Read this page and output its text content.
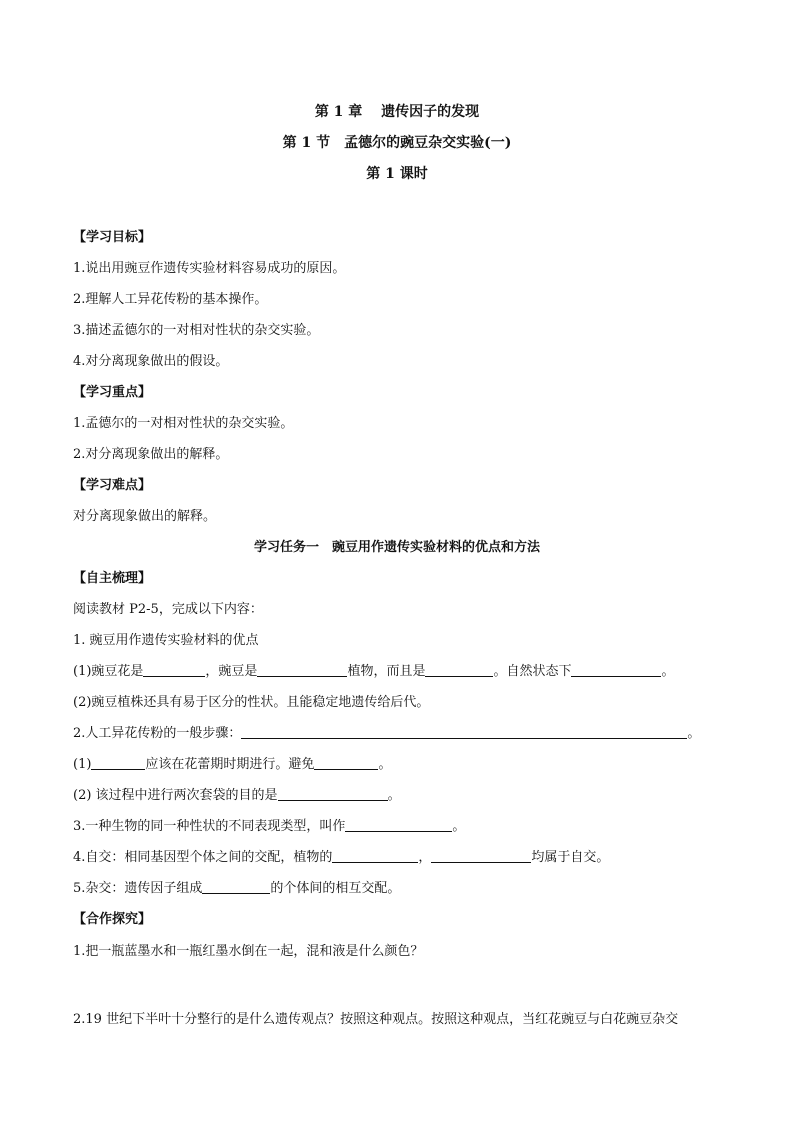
第 1 章　 遗传因子的发现
第 1 节　孟德尔的豌豆杂交实验(一)
第 1 课时
【学习目标】
1.说出用豌豆作遗传实验材料容易成功的原因。
2.理解人工异花传粉的基本操作。
3.描述孟德尔的一对相对性状的杂交实验。
4.对分离现象做出的假设。
【学习重点】
1.孟德尔的一对相对性状的杂交实验。
2.对分离现象做出的解释。
【学习难点】
对分离现象做出的解释。
学习任务一　豌豆用作遗传实验材料的优点和方法
【自主梳理】
阅读教材 P2-5，完成以下内容：
1. 豌豆用作遗传实验材料的优点
(1)豌豆花是	，豌豆是	植物，而且是	。自然状态下	。
(2)豌豆植株还具有易于区分的性状。且能稳定地遗传给后代。
2.人工异花传粉的一般步骤：	。
(1)	应该在花蕾期时期进行。避免	。
(2) 该过程中进行两次套袋的目的是	。
3.一种生物的同一种性状的不同表现类型，叫作	。
4.自交：相同基因型个体之间的交配，植物的	，	均属于自交。
5.杂交：遗传因子组成	的个体间的相互交配。
【合作探究】
1.把一瓶蓝墨水和一瓶红墨水倒在一起，混和液是什么颜色？
2.19 世纪下半叶十分整行的是什么遗传观点？按照这种观点。按照这种观点，当红花豌豆与白花豌豆杂交
